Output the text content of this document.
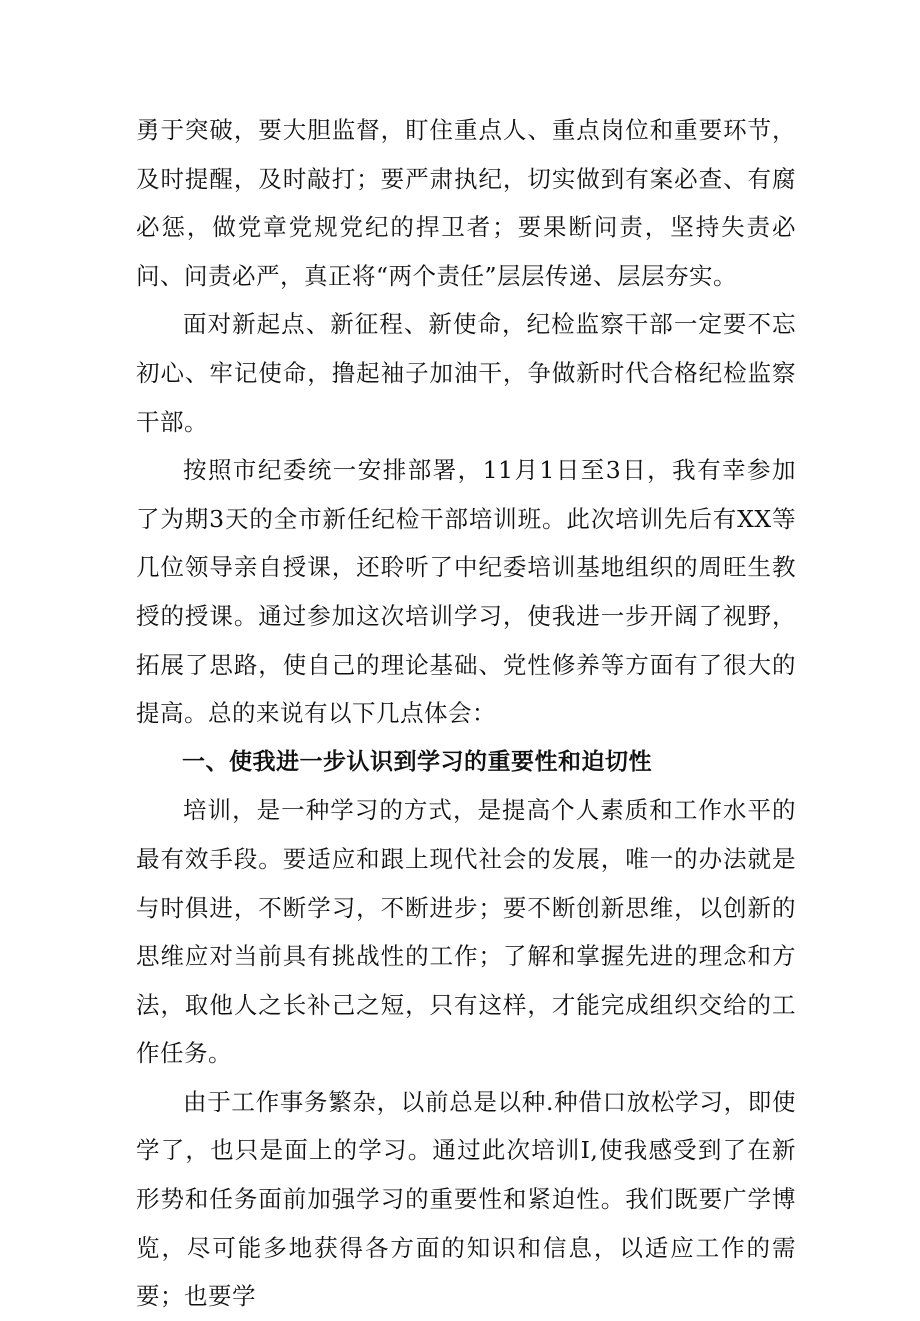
勇于突破，要大胆监督，盯住重点人、重点岗位和重要环节，及时提醒，及时敲打；要严肃执纪，切实做到有案必查、有腐必惩，做党章党规党纪的捍卫者；要果断问责，坚持失责必问、问责必严，真正将“两个责任”层层传递、层层夯实。

面对新起点、新征程、新使命，纪检监察干部一定要不忘初心、牢记使命，撸起袖子加油干，争做新时代合格纪检监察干部。

按照市纪委统一安排部署，11月1日至3日，我有幸参加了为期3天的全市新任纪检干部培训班。此次培训先后有XX等几位领导亲自授课，还聆听了中纪委培训基地组织的周旺生教授的授课。通过参加这次培训学习，使我进一步开阔了视野，拓展了思路，使自己的理论基础、党性修养等方面有了很大的提高。总的来说有以下几点体会：

一、使我进一步认识到学习的重要性和迫切性

培训，是一种学习的方式，是提高个人素质和工作水平的最有效手段。要适应和跟上现代社会的发展，唯一的办法就是与时俱进，不断学习，不断进步；要不断创新思维，以创新的思维应对当前具有挑战性的工作；了解和掌握先进的理念和方法，取他人之长补己之短，只有这样，才能完成组织交给的工作任务。

由于工作事务繁杂，以前总是以种.种借口放松学习，即使学了，也只是面上的学习。通过此次培训I,使我感受到了在新形势和任务面前加强学习的重要性和紧迫性。我们既要广学博览，尽可能多地获得各方面的知识和信息，以适应工作的需要；也要学
